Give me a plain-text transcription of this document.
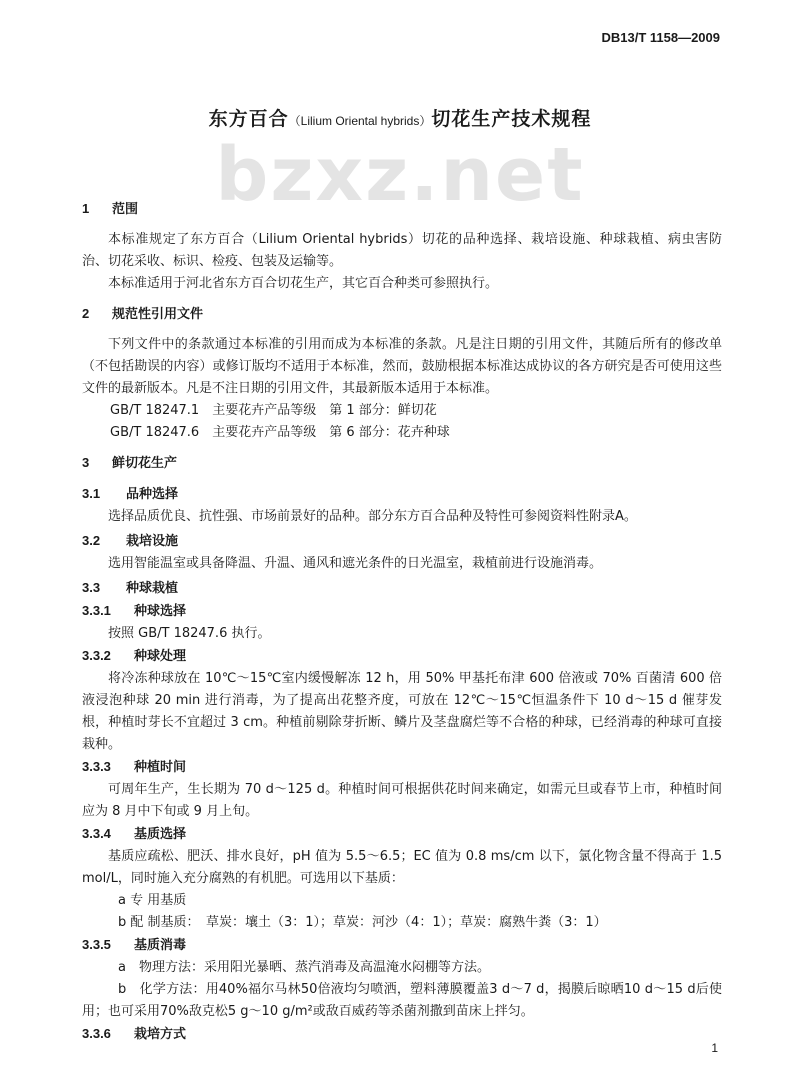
DB13/T 1158—2009
bzxz.net
东方百合（Lilium Oriental hybrids）切花生产技术规程
1 范围

本标准规定了东方百合（Lilium Oriental hybrids）切花的品种选择、栽培设施、种球栽植、病虫害防治、切花采收、标识、检疫、包装及运输等。

本标准适用于河北省东方百合切花生产，其它百合种类可参照执行。

2 规范性引用文件

下列文件中的条款通过本标准的引用而成为本标准的条款。凡是注日期的引用文件，其随后所有的修改单（不包括勘误的内容）或修订版均不适用于本标准，然而，鼓励根据本标准达成协议的各方研究是否可使用这些文件的最新版本。凡是不注日期的引用文件，其最新版本适用于本标准。

GB/T 18247.1　主要花卉产品等级　第 1 部分：鲜切花
GB/T 18247.6　主要花卉产品等级　第 6 部分：花卉种球
3 鲜切花生产
3.1 品种选择

选择品质优良、抗性强、市场前景好的品种。部分东方百合品种及特性可参阅资料性附录A。

3.2 栽培设施

选用智能温室或具备降温、升温、通风和遮光条件的日光温室，栽植前进行设施消毒。

3.3 种球栽植
3.3.1 种球选择

按照 GB/T 18247.6 执行。

3.3.2 种球处理

将冷冻种球放在 10℃～15℃室内缓慢解冻 12 h，用 50% 甲基托布津 600 倍液或 70% 百菌清 600 倍液浸泡种球 20 min 进行消毒，为了提高出花整齐度，可放在 12℃～15℃恒温条件下 10 d～15 d 催芽发根，种植时芽长不宜超过 3 cm。种植前剔除芽折断、鳞片及茎盘腐烂等不合格的种球，已经消毒的种球可直接栽种。

3.3.3 种植时间

可周年生产，生长期为 70 d～125 d。种植时间可根据供花时间来确定，如需元旦或春节上市，种植时间应为 8 月中下旬或 9 月上旬。

3.3.4 基质选择

基质应疏松、肥沃、排水良好，pH 值为 5.5～6.5；EC 值为 0.8 ms/cm 以下，氯化物含量不得高于 1.5 mol/L，同时施入充分腐熟的有机肥。可选用以下基质：

a 专 用基质
b 配 制基质：　草炭：壤土（3：1）；草炭：河沙（4：1）；草炭：腐熟牛粪（3：1）
3.3.5 基质消毒
a　物理方法：采用阳光暴晒、蒸汽消毒及高温淹水闷棚等方法。

b　化学方法：用40%福尔马林50倍液均匀喷洒，塑料薄膜覆盖3 d～7 d，揭膜后晾晒10 d～15 d后使用；也可采用70%敌克松5 g～10 g/m²或敌百威药等杀菌剂撒到苗床上拌匀。

3.3.6 栽培方式
1
